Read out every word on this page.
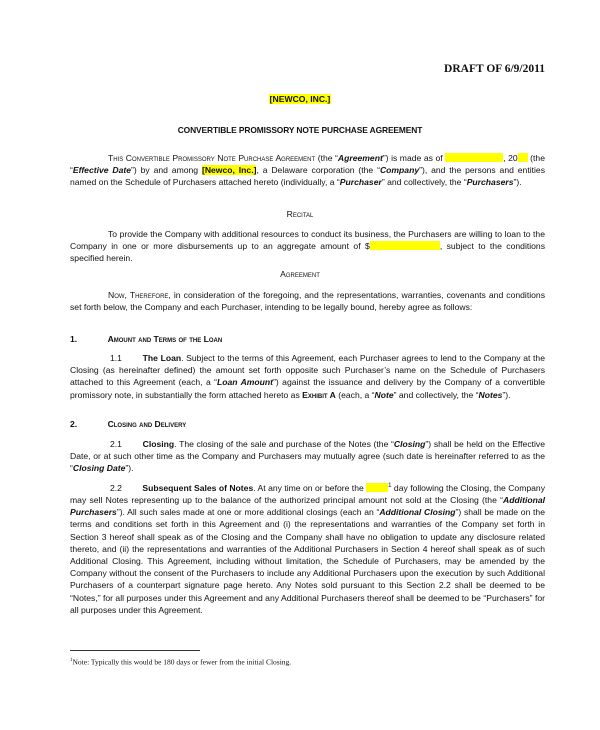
DRAFT OF 6/9/2011
[NEWCO, INC.]
CONVERTIBLE PROMISSORY NOTE PURCHASE AGREEMENT
This Convertible Promissory Note Purchase Agreement (the “Agreement”) is made as of	, 20 (the “Effective Date”) by and among [Newco, Inc.], a Delaware corporation (the “Company”), and the persons and entities named on the Schedule of Purchasers attached hereto (individually, a “Purchaser” and collectively, the “Purchasers”).
Recital
To provide the Company with additional resources to conduct its business, the Purchasers are willing to loan to the Company in one or more disbursements up to an aggregate amount of $	, subject to the conditions specified herein.
Agreement
Now, Therefore, in consideration of the foregoing, and the representations, warranties, covenants and conditions set forth below, the Company and each Purchaser, intending to be legally bound, hereby agree as follows:
1.	Amount and Terms of the Loan
1.1 The Loan. Subject to the terms of this Agreement, each Purchaser agrees to lend to the Company at the Closing (as hereinafter defined) the amount set forth opposite such Purchaser’s name on the Schedule of Purchasers attached to this Agreement (each, a “Loan Amount”) against the issuance and delivery by the Company of a convertible promissory note, in substantially the form attached hereto as Exhibit A (each, a “Note” and collectively, the “Notes”).
2.	Closing and Delivery
2.1 Closing. The closing of the sale and purchase of the Notes (the “Closing”) shall be held on the Effective Date, or at such other time as the Company and Purchasers may mutually agree (such date is hereinafter referred to as the “Closing Date”).
2.2 Subsequent Sales of Notes. At any time on or before the	$^1$ day following the Closing, the Company may sell Notes representing up to the balance of the authorized principal amount not sold at the Closing (the “Additional Purchasers”). All such sales made at one or more additional closings (each an “Additional Closing”) shall be made on the terms and conditions set forth in this Agreement and (i) the representations and warranties of the Company set forth in Section 3 hereof shall speak as of the Closing and the Company shall have no obligation to update any disclosure related thereto, and (ii) the representations and warranties of the Additional Purchasers in Section 4 hereof shall speak as of such Additional Closing. This Agreement, including without limitation, the Schedule of Purchasers, may be amended by the Company without the consent of the Purchasers to include any Additional Purchasers upon the execution by such Additional Purchasers of a counterpart signature page hereto. Any Notes sold pursuant to this Section 2.2 shall be deemed to be “Notes,” for all purposes under this Agreement and any Additional Purchasers thereof shall be deemed to be “Purchasers” for all purposes under this Agreement.
$^1$Note: Typically this would be 180 days or fewer from the initial Closing.
